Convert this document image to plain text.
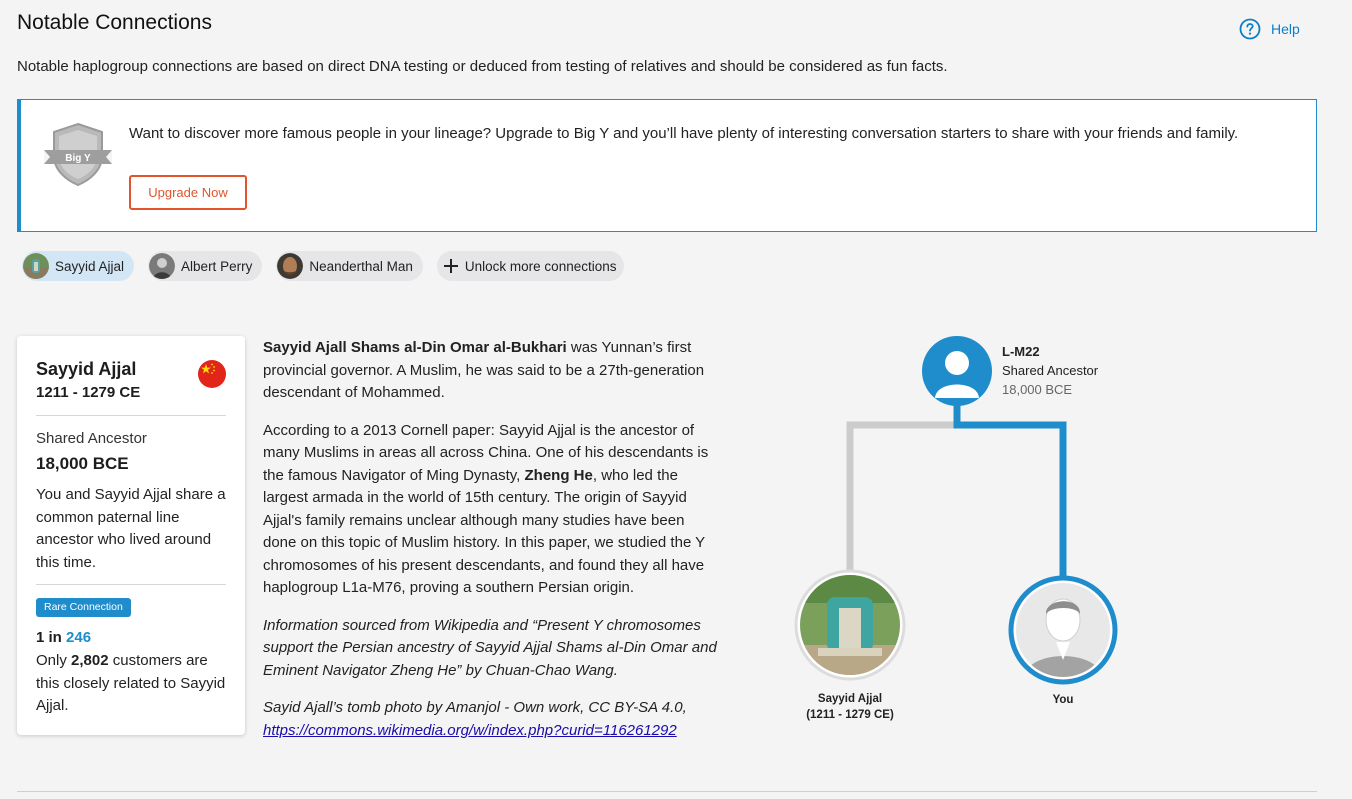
Notable Connections	Help
Notable haplogroup connections are based on direct DNA testing or deduced from testing of relatives and should be considered as fun facts.
Big Y
Want to discover more famous people in your lineage? Upgrade to Big Y and you’ll have plenty of interesting conversation starters to share with your friends and family.
Upgrade Now
Sayyid Ajjal	Albert Perry	Neanderthal Man	Unlock more connections
Sayyid Ajjal
1211 - 1279 CE
Shared Ancestor
18,000 BCE
You and Sayyid Ajjal share a common paternal line ancestor who lived around this time.
Rare Connection
1 in 246
Only 2,802 customers are this closely related to Sayyid Ajjal.

Sayyid Ajall Shams al-Din Omar al-Bukhari was Yunnan’s first provincial governor. A Muslim, he was said to be a 27th-generation descendant of Mohammed.

According to a 2013 Cornell paper: Sayyid Ajjal is the ancestor of many Muslims in areas all across China. One of his descendants is the famous Navigator of Ming Dynasty, Zheng He, who led the largest armada in the world of 15th century. The origin of Sayyid Ajjal's family remains unclear although many studies have been done on this topic of Muslim history. In this paper, we studied the Y chromosomes of his present descendants, and found they all have haplogroup L1a-M76, proving a southern Persian origin.

Information sourced from Wikipedia and “Present Y chromosomes support the Persian ancestry of Sayyid Ajjal Shams al-Din Omar and Eminent Navigator Zheng He” by Chuan-Chao Wang.

Sayid Ajall’s tomb photo by Amanjol - Own work, CC BY-SA 4.0,
https://commons.wikimedia.org/w/index.php?curid=116261292

L-M22
Shared Ancestor
18,000 BCE
Sayyid Ajjal
(1211 - 1279 CE)
You
